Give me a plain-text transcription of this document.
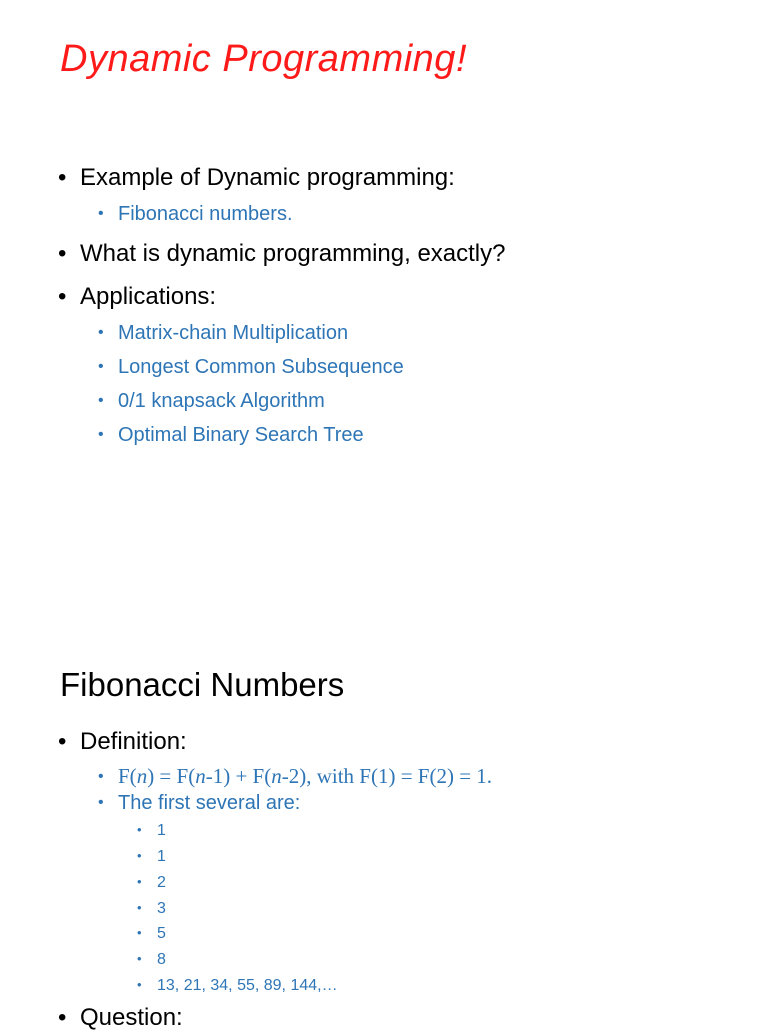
Dynamic Programming!
• Example of Dynamic programming:
• Fibonacci numbers.
• What is dynamic programming, exactly?
• Applications:
• Matrix-chain Multiplication
• Longest Common Subsequence
• 0/1 knapsack Algorithm
• Optimal Binary Search Tree
Fibonacci Numbers
• Definition:
• F(n) = F(n-1) + F(n-2), with F(1) = F(2) = 1.
• The first several are:
• 1
• 1
• 2
• 3
• 5
• 8
• 13, 21, 34, 55, 89, 144,…
• Question:
